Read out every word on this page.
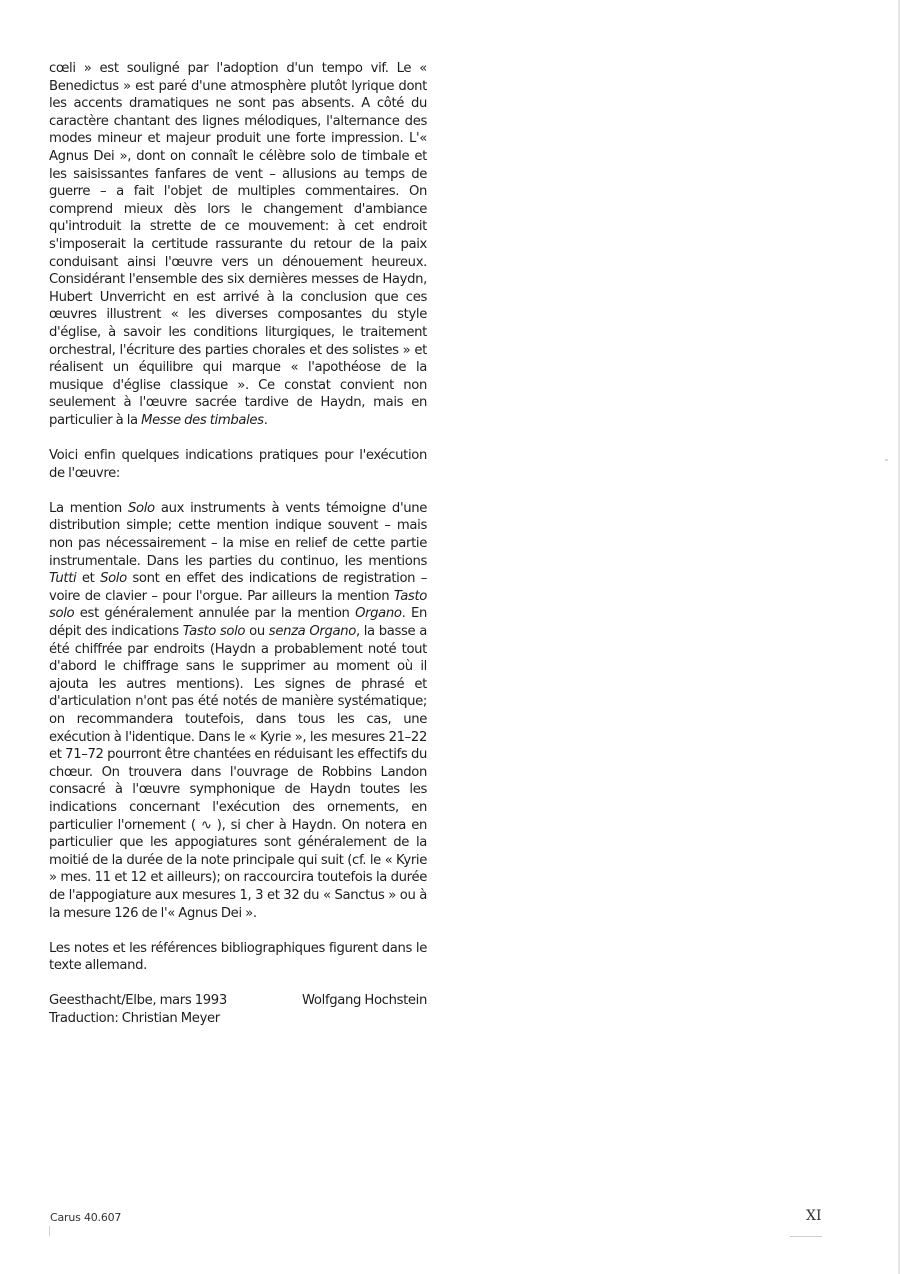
cœli » est souligné par l'adoption d'un tempo vif. Le « Benedictus » est paré d'une atmosphère plutôt lyrique dont les accents dramatiques ne sont pas absents. A côté du caractère chantant des lignes mélodiques, l'alternance des modes mineur et majeur produit une forte impression. L'« Agnus Dei », dont on connaît le célèbre solo de timbale et les saisissantes fanfares de vent – allusions au temps de guerre – a fait l'objet de multiples commentaires. On comprend mieux dès lors le changement d'ambiance qu'introduit la strette de ce mouvement: à cet endroit s'imposerait la certitude rassurante du retour de la paix conduisant ainsi l'œuvre vers un dénouement heureux. Considérant l'ensemble des six dernières messes de Haydn, Hubert Unverricht en est arrivé à la conclusion que ces œuvres illustrent « les diverses composantes du style d'église, à savoir les conditions liturgiques, le traitement orchestral, l'écriture des parties chorales et des solistes » et réalisent un équilibre qui marque « l'apothéose de la musique d'église classique ». Ce constat convient non seulement à l'œuvre sacrée tardive de Haydn, mais en particulier à la Messe des timbales.

Voici enfin quelques indications pratiques pour l'exécution de l'œuvre:

La mention Solo aux instruments à vents témoigne d'une distribution simple; cette mention indique souvent – mais non pas nécessairement – la mise en relief de cette partie instrumentale. Dans les parties du continuo, les mentions Tutti et Solo sont en effet des indications de registration – voire de clavier – pour l'orgue. Par ailleurs la mention Tasto solo est généralement annulée par la mention Organo. En dépit des indications Tasto solo ou senza Organo, la basse a été chiffrée par endroits (Haydn a probablement noté tout d'abord le chiffrage sans le supprimer au moment où il ajouta les autres mentions). Les signes de phrasé et d'articulation n'ont pas été notés de manière systématique; on recommandera toutefois, dans tous les cas, une exécution à l'identique. Dans le « Kyrie », les mesures 21–22 et 71–72 pourront être chantées en réduisant les effectifs du chœur. On trouvera dans l'ouvrage de Robbins Landon consacré à l'œuvre symphonique de Haydn toutes les indications concernant l'exécution des ornements, en particulier l'ornement ( ∿ ), si cher à Haydn. On notera en particulier que les appogiatures sont généralement de la moitié de la durée de la note principale qui suit (cf. le « Kyrie » mes. 11 et 12 et ailleurs); on raccourcira toutefois la durée de l'appogiature aux mesures 1, 3 et 32 du « Sanctus » ou à la mesure 126 de l'« Agnus Dei ».

Les notes et les références bibliographiques figurent dans le texte allemand.

Geesthacht/Elbe, mars 1993
Traduction: Christian Meyer
Wolfgang Hochstein
Carus 40.607	XI
